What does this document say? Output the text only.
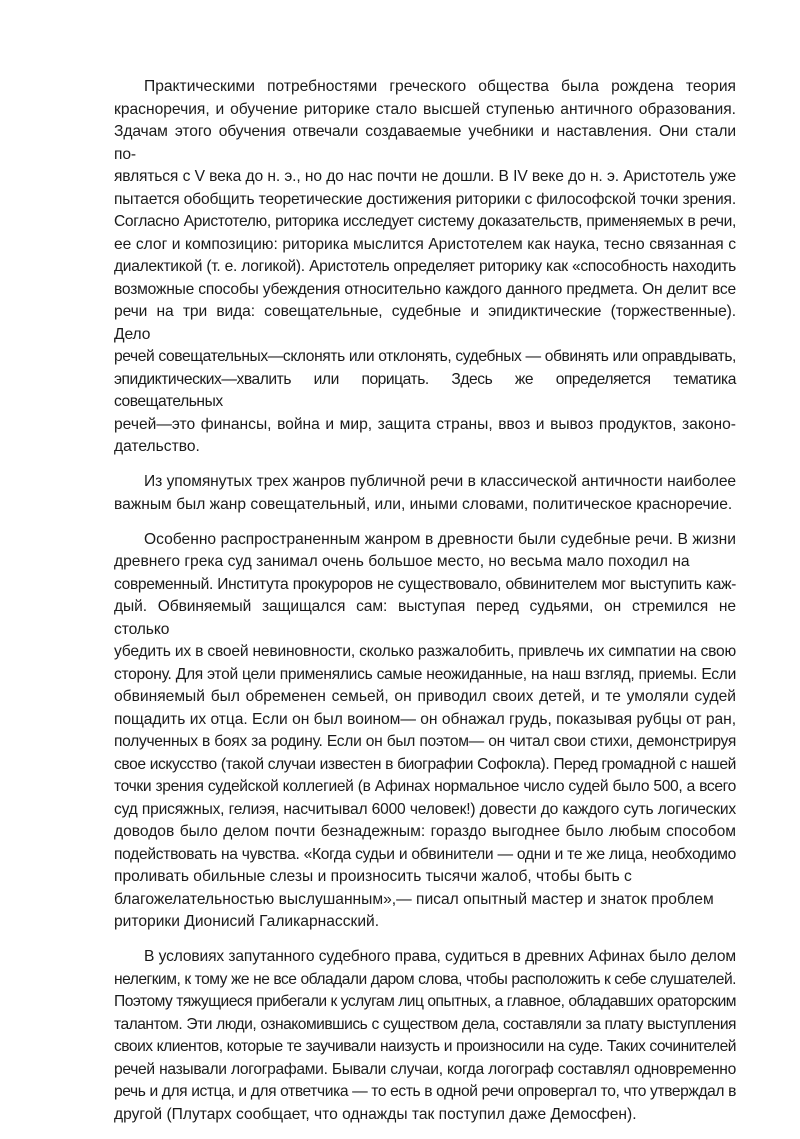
Практическими потребностями греческого общества была рождена теория
красноречия, и обучение риторике стало высшей ступенью античного образования.
Здачам этого обучения отвечали создаваемые учебники и наставления. Они стали по-
являться с V века до н. э., но до нас почти не дошли. В IV веке до н. э. Аристотель уже
пытается обобщить теоретические достижения риторики с философской точки зрения.
Согласно Аристотелю, риторика исследует систему доказательств, применяемых в речи,
ее слог и композицию: риторика мыслится Аристотелем как наука, тесно связанная с
диалектикой (т. е. логикой). Аристотель определяет риторику как «способность находить
возможные способы убеждения относительно каждого данного предмета. Он делит все
речи на три вида: совещательные, судебные и эпидиктические (торжественные). Дело
речей совещательных—склонять или отклонять, судебных — обвинять или оправдывать,
эпидиктических—хвалить или порицать. Здесь же определяется тематика совещательных
речей—это финансы, война и мир, защита страны, ввоз и вывоз продуктов, законо-
дательство.
Из упомянутых трех жанров публичной речи в классической античности наиболее
важным был жанр совещательный, или, иными словами, политическое красноречие.
Особенно распространенным жанром в древности были судебные речи. В жизни
древнего грека суд занимал очень большое место, но весьма мало походил на
современный. Института прокуроров не существовало, обвинителем мог выступить каж-
дый. Обвиняемый защищался сам: выступая перед судьями, он стремился не столько
убедить их в своей невиновности, сколько разжалобить, привлечь их симпатии на свою
сторону. Для этой цели применялись самые неожиданные, на наш взгляд, приемы. Если
обвиняемый был обременен семьей, он приводил своих детей, и те умоляли судей
пощадить их отца. Если он был воином— он обнажал грудь, показывая рубцы от ран,
полученных в боях за родину. Если он был поэтом— он читал свои стихи, демонстрируя
свое искусство (такой случаи известен в биографии Софокла). Перед громадной с нашей
точки зрения судейской коллегией (в Афинах нормальное число судей было 500, а всего
суд присяжных, гелиэя, насчитывал 6000 человек!) довести до каждого суть логических
доводов было делом почти безнадежным: гораздо выгоднее было любым способом
подействовать на чувства. «Когда судьи и обвинители — одни и те же лица, необходимо
проливать обильные слезы и произносить тысячи жалоб, чтобы быть с
благожелательностью выслушанным»,— писал опытный мастер и знаток проблем
риторики Дионисий Галикарнасский.
В условиях запутанного судебного права, судиться в древних Афинах было делом
нелегким, к тому же не все обладали даром слова, чтобы расположить к себе слушателей.
Поэтому тяжущиеся прибегали к услугам лиц опытных, а главное, обладавших ораторским
талантом. Эти люди, ознакомившись с существом дела, составляли за плату выступления
своих клиентов, которые те заучивали наизусть и произносили на суде. Таких сочинителей
речей называли логографами. Бывали случаи, когда логограф составлял одновременно
речь и для истца, и для ответчика — то есть в одной речи опровергал то, что утверждал в
другой (Плутарх сообщает, что однажды так поступил даже Демосфен).
